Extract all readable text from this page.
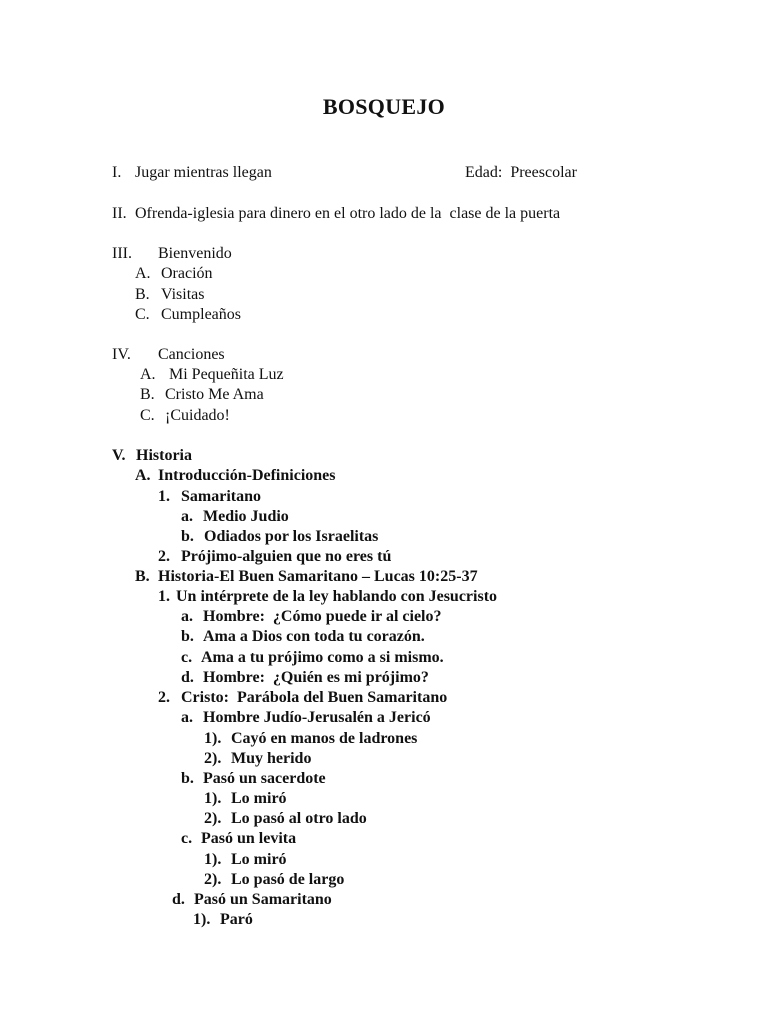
BOSQUEJO
Edad:  Preescolar
I. Jugar mientras llegan
II. Ofrenda-iglesia para dinero en el otro lado de la  clase de la puerta
III. Bienvenido
A. Oración
B. Visitas
C. Cumpleaños
IV. Canciones
A. Mi Pequeñita Luz
B. Cristo Me Ama
C. ¡Cuidado!
V. Historia
A. Introducción-Definiciones
1. Samaritano
a. Medio Judio
b. Odiados por los Israelitas
2. Prójimo-alguien que no eres tú
B. Historia-El Buen Samaritano – Lucas 10:25-37
1. Un intérprete de la ley hablando con Jesucristo
a. Hombre:  ¿Cómo puede ir al cielo?
b. Ama a Dios con toda tu corazón.
c. Ama a tu prójimo como a si mismo.
d. Hombre:  ¿Quién es mi prójimo?
2. Cristo:  Parábola del Buen Samaritano
a. Hombre Judío-Jerusalén a Jericó
1). Cayó en manos de ladrones
2). Muy herido
b. Pasó un sacerdote
1). Lo miró
2). Lo pasó al otro lado
c. Pasó un levita
1). Lo miró
2). Lo pasó de largo
d. Pasó un Samaritano
1). Paró
